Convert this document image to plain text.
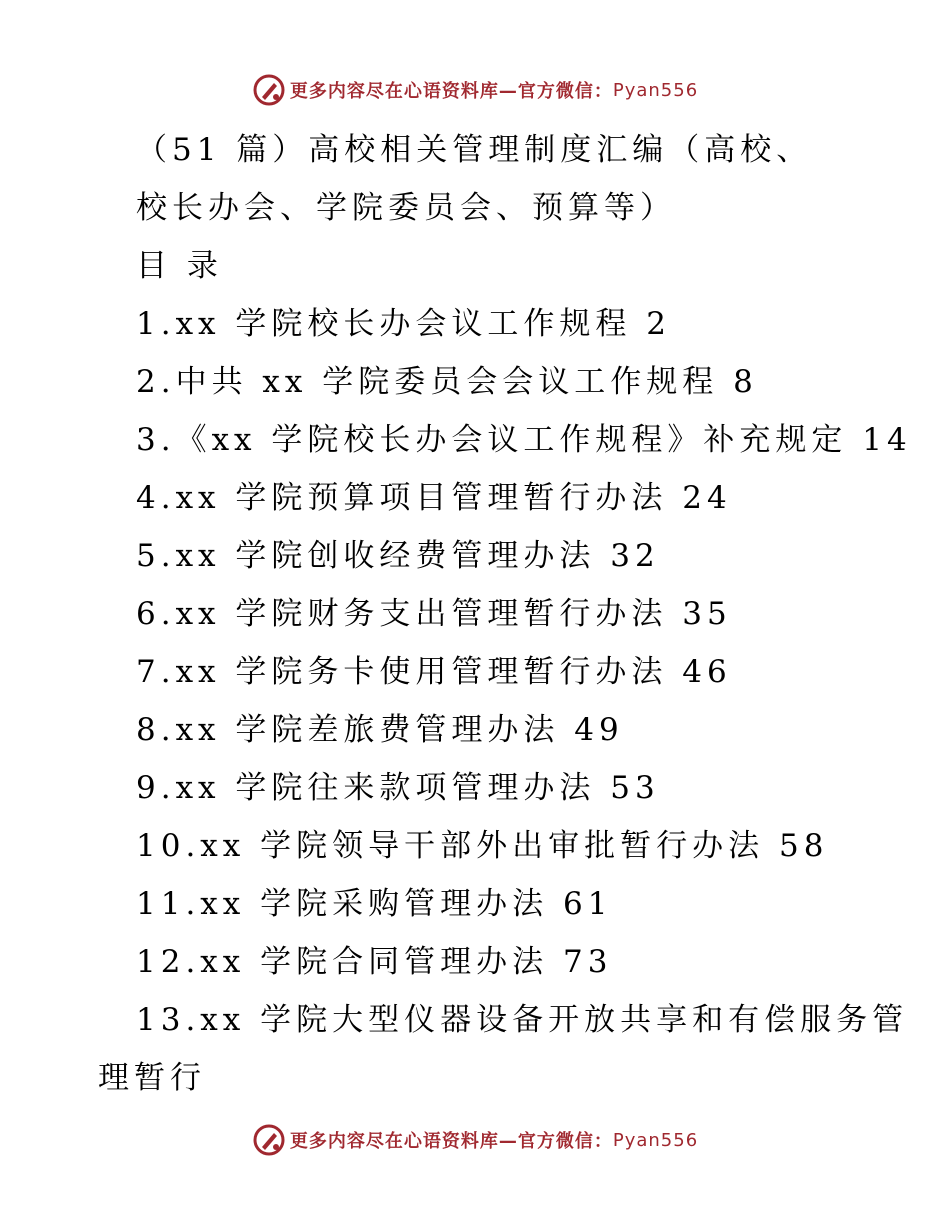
更多内容尽在心语资料库—官方微信： Pyan556
（51 篇）高校相关管理制度汇编（高校、
校长办会、学院委员会、预算等）
目 录
1.xx 学院校长办会议工作规程 2
2.中共 xx 学院委员会会议工作规程 8
3.《xx 学院校长办会议工作规程》补充规定 14
4.xx 学院预算项目管理暂行办法 24
5.xx 学院创收经费管理办法 32
6.xx 学院财务支出管理暂行办法 35
7.xx 学院务卡使用管理暂行办法 46
8.xx 学院差旅费管理办法 49
9.xx 学院往来款项管理办法 53
10.xx 学院领导干部外出审批暂行办法 58
11.xx 学院采购管理办法 61
12.xx 学院合同管理办法 73
13.xx 学院大型仪器设备开放共享和有偿服务管
理暂行
更多内容尽在心语资料库—官方微信： Pyan556
